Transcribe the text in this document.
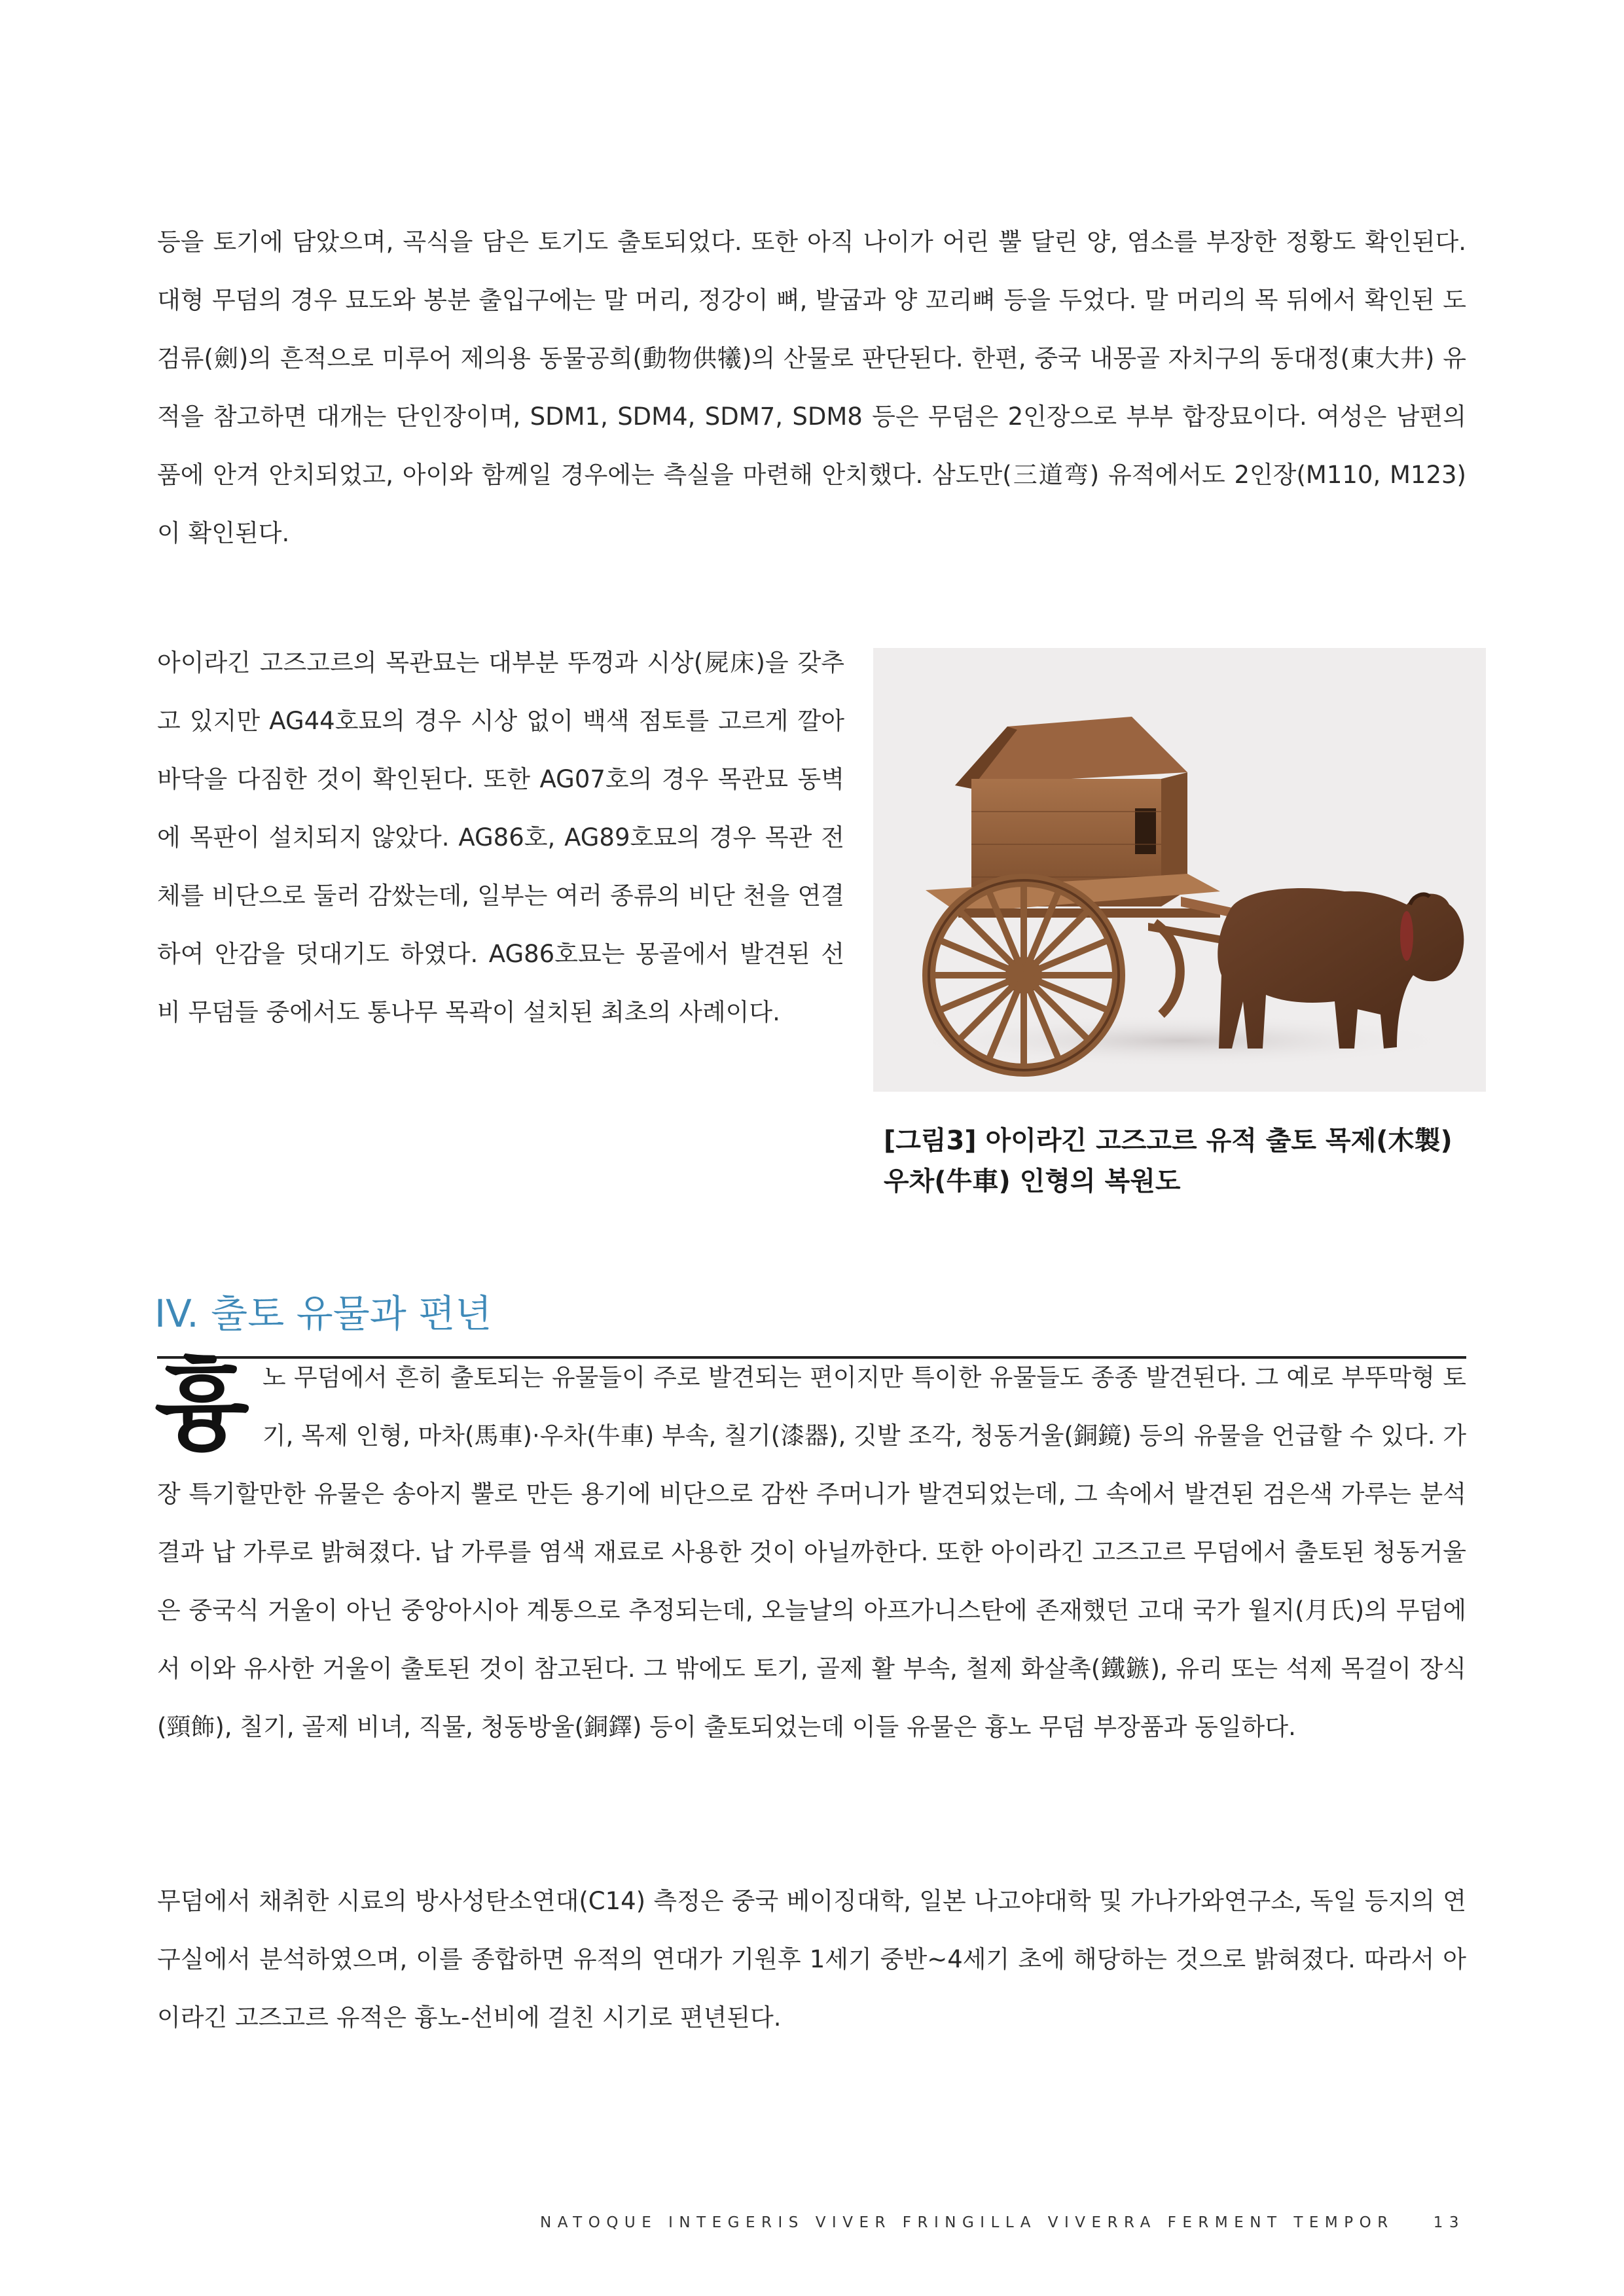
등을 토기에 담았으며, 곡식을 담은 토기도 출토되었다. 또한 아직 나이가 어린 뿔 달린 양, 염소를 부장한 정황도 확인된다. 대형 무덤의 경우 묘도와 봉분 출입구에는 말 머리, 정강이 뼈, 발굽과 양 꼬리뼈 등을 두었다. 말 머리의 목 뒤에서 확인된 도검류(劍)의 흔적으로 미루어 제의용 동물공희(動物供犧)의 산물로 판단된다. 한편, 중국 내몽골 자치구의 동대정(東大井) 유적을 참고하면 대개는 단인장이며, SDM1, SDM4, SDM7, SDM8 등은 무덤은 2인장으로 부부 합장묘이다. 여성은 남편의 품에 안겨 안치되었고, 아이와 함께일 경우에는 측실을 마련해 안치했다. 삼도만(三道弯) 유적에서도 2인장(M110, M123)이 확인된다.

아이라긴 고즈고르의 목관묘는 대부분 뚜껑과 시상(屍床)을 갖추고 있지만 AG44호묘의 경우 시상 없이 백색 점토를 고르게 깔아 바닥을 다짐한 것이 확인된다. 또한 AG07호의 경우 목관묘 동벽에 목판이 설치되지 않았다. AG86호, AG89호묘의 경우 목관 전체를 비단으로 둘러 감쌌는데, 일부는 여러 종류의 비단 천을 연결하여 안감을 덧대기도 하였다. AG86호묘는 몽골에서 발견된 선비 무덤들 중에서도 통나무 목곽이 설치된 최초의 사례이다.

[그림3] 아이라긴 고즈고르 유적 출토 목제(木製) 우차(牛車) 인형의 복원도

IV. 출토 유물과 편년

흉노 무덤에서 흔히 출토되는 유물들이 주로 발견되는 편이지만 특이한 유물들도 종종 발견된다. 그 예로 부뚜막형 토기, 목제 인형, 마차(馬車)·우차(牛車) 부속, 칠기(漆器), 깃발 조각, 청동거울(銅鏡) 등의 유물을 언급할 수 있다. 가장 특기할만한 유물은 송아지 뿔로 만든 용기에 비단으로 감싼 주머니가 발견되었는데, 그 속에서 발견된 검은색 가루는 분석결과 납 가루로 밝혀졌다. 납 가루를 염색 재료로 사용한 것이 아닐까한다. 또한 아이라긴 고즈고르 무덤에서 출토된 청동거울은 중국식 거울이 아닌 중앙아시아 계통으로 추정되는데, 오늘날의 아프가니스탄에 존재했던 고대 국가 월지(月氏)의 무덤에서 이와 유사한 거울이 출토된 것이 참고된다. 그 밖에도 토기, 골제 활 부속, 철제 화살촉(鐵鏃), 유리 또는 석제 목걸이 장식(頸飾), 칠기, 골제 비녀, 직물, 청동방울(銅鐸) 등이 출토되었는데 이들 유물은 흉노 무덤 부장품과 동일하다.

무덤에서 채취한 시료의 방사성탄소연대(C14) 측정은 중국 베이징대학, 일본 나고야대학 및 가나가와연구소, 독일 등지의 연구실에서 분석하였으며, 이를 종합하면 유적의 연대가 기원후 1세기 중반~4세기 초에 해당하는 것으로 밝혀졌다. 따라서 아이라긴 고즈고르 유적은 흉노-선비에 걸친 시기로 편년된다.

NATOQUE INTEGERIS VIVER FRINGILLA VIVERRA FERMENT TEMPOR	13
